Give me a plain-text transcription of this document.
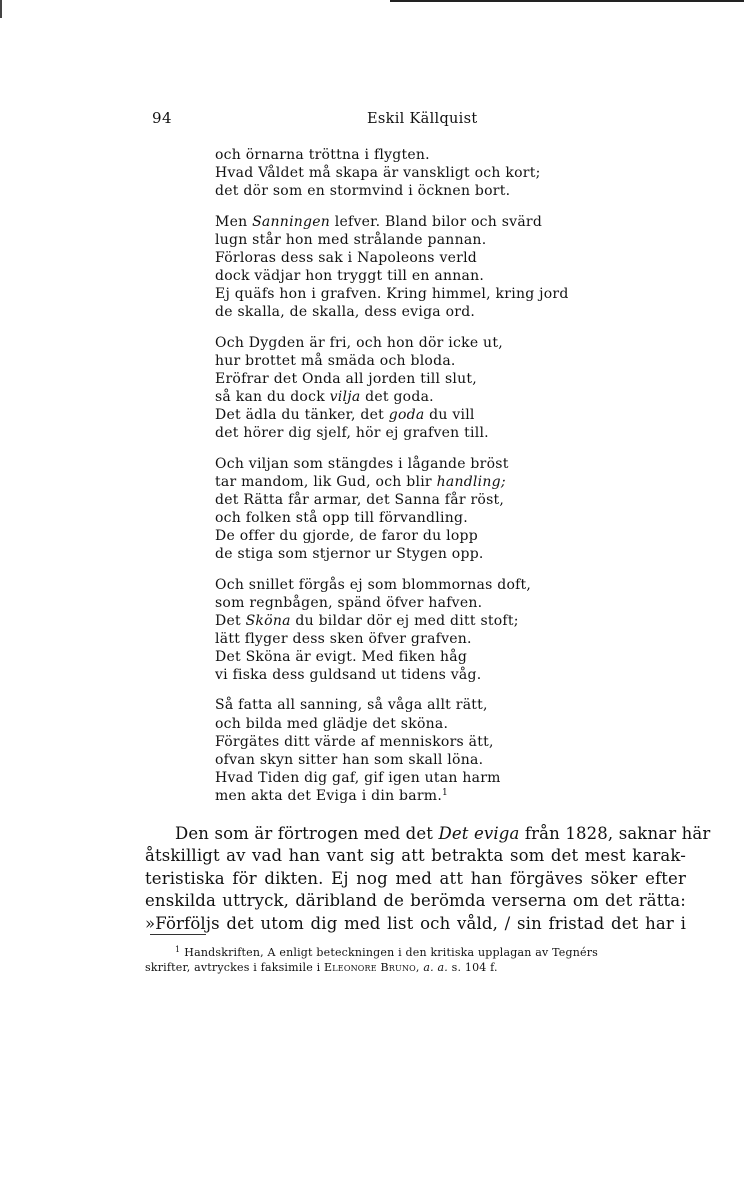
94	Eskil Källquist
och örnarna tröttna i flygten.
Hvad Våldet må skapa är vanskligt och kort;
det dör som en stormvind i öcknen bort.
Men Sanningen lefver. Bland bilor och svärd
lugn står hon med strålande pannan.
Förloras dess sak i Napoleons verld
dock vädjar hon tryggt till en annan.
Ej quäfs hon i grafven. Kring himmel, kring jord
de skalla, de skalla, dess eviga ord.
Och Dygden är fri, och hon dör icke ut,
hur brottet må smäda och bloda.
Eröfrar det Onda all jorden till slut,
så kan du dock vilja det goda.
Det ädla du tänker, det goda du vill
det hörer dig sjelf, hör ej grafven till.
Och viljan som stängdes i lågande bröst
tar mandom, lik Gud, och blir handling;
det Rätta får armar, det Sanna får röst,
och folken stå opp till förvandling.
De offer du gjorde, de faror du lopp
de stiga som stjernor ur Stygen opp.
Och snillet förgås ej som blommornas doft,
som regnbågen, spänd öfver hafven.
Det Sköna du bildar dör ej med ditt stoft;
lätt flyger dess sken öfver grafven.
Det Sköna är evigt. Med fiken håg
vi fiska dess guldsand ut tidens våg.
Så fatta all sanning, så våga allt rätt,
och bilda med glädje det sköna.
Förgätes ditt värde af menniskors ätt,
ofvan skyn sitter han som skall löna.
Hvad Tiden dig gaf, gif igen utan harm
men akta det Eviga i din barm.$^1$
Den som är förtrogen med det Det eviga från 1828, saknar här
åtskilligt av vad han vant sig att betrakta som det mest karak-
teristiska för dikten. Ej nog med att han förgäves söker efter
enskilda uttryck, däribland de berömda verserna om det rätta:
»Förföljs det utom dig med list och våld, / sin fristad det har i
$^1$ Handskriften, A enligt beteckningen i den kritiska upplagan av Tegnérs
skrifter, avtryckes i faksimile i Eleonore Bruno, a. a. s. 104 f.
